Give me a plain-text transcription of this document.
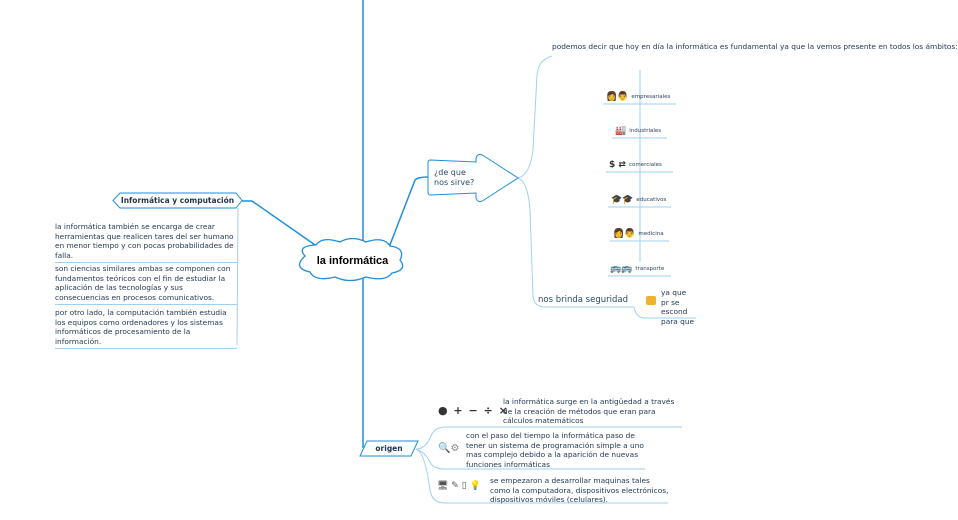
la informática
Informática y computación
la informática también se encarga de crear herramientas que realicen tares del ser humano en menor tiempo y con pocas probabilidades de falla.
son ciencias similares ambas se componen con fundamentos teóricos con el fin de estudiar la aplicación de las tecnologías y sus consecuencias en procesos comunicativos.
por otro lado, la computación también estudia los equipos como ordenadores y los sistemas informáticos de procesamiento de la información.
¿de que nos sirve?
podemos decir que hoy en día la informática es fundamental ya que la vemos presente en todos los ámbitos:
👩👨 empresariales
🏭 industriales
$ ⇄ comerciales
🎓🎓 educativos
👩👨 medicina
🚌🚌 transporte
nos brinda seguridad
ya que pr se escond para que
origen
● + − ÷ ×
la informática surge en la antigüedad a través de la creación de métodos que eran para cálculos matemáticos
🔍⚙
con el paso del tiempo la informática paso de tener un sistema de programación simple a uno mas complejo debido a la aparición de nuevas funciones informáticas
🖥 ✎ ▯ 💡
se empezaron a desarrollar maquinas tales como la computadora, dispositivos electrónicos, dispositivos móviles (celulares).
